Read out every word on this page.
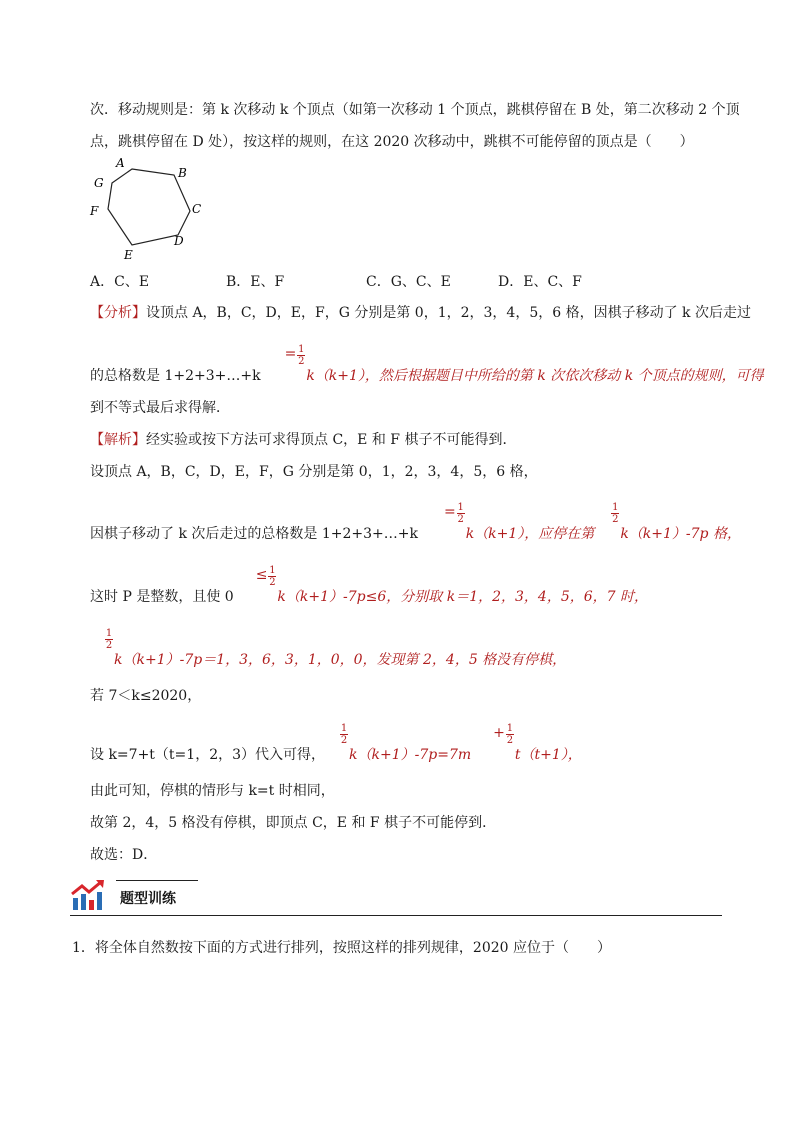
次．移动规则是：第 k 次移动 k 个顶点（如第一次移动 1 个顶点，跳棋停留在 B 处，第二次移动 2 个顶
点，跳棋停留在 D 处），按这样的规则，在这 2020 次移动中，跳棋不可能停留的顶点是（　　）
A
B
C
D
E
F
G
A．C、E	B．E、F	C．G、C、E	D．E、C、F
【分析】设顶点 A，B，C，D，E，F，G 分别是第 0，1，2，3，4，5，6 格，因棋子移动了 k 次后走过
的总格数是 1+2+3+…+k= $\frac{1}{2}$
k（k+1），然后根据题目中所给的第 k 次依次移动 k 个顶点的规则，可得
到不等式最后求得解．
【解析】经实验或按下方法可求得顶点 C，E 和 F 棋子不可能得到．
设顶点 A，B，C，D，E，F，G 分别是第 0，1，2，3，4，5，6 格，
因棋子移动了 k 次后走过的总格数是 1+2+3+…+k= $\frac{1}{2}$
k（k+1），应停在第
$\frac{1}{2}$
k（k+1）-7p 格，
这时 P 是整数，且使 $0\le \frac{1}{2}$
k（k+1）-7p≤6，分别取 k＝1，2，3，4，5，6，7 时，
$\frac{1}{2}$
k（k+1）-7p＝1，3，6，3，1，0，0，发现第 2，4，5 格没有停棋，
若 7＜k≤2020，
设 k=7+t（t=1，2，3）代入可得，
$\frac{1}{2}$
$k(k+1)-7p=7m+ \frac{1}{2}$
t（t+1），
由此可知，停棋的情形与 k=t 时相同，
故第 2，4，5 格没有停棋，即顶点 C，E 和 F 棋子不可能停到．
故选：D．
题型训练
1．将全体自然数按下面的方式进行排列，按照这样的排列规律，2020 应位于（　　）
